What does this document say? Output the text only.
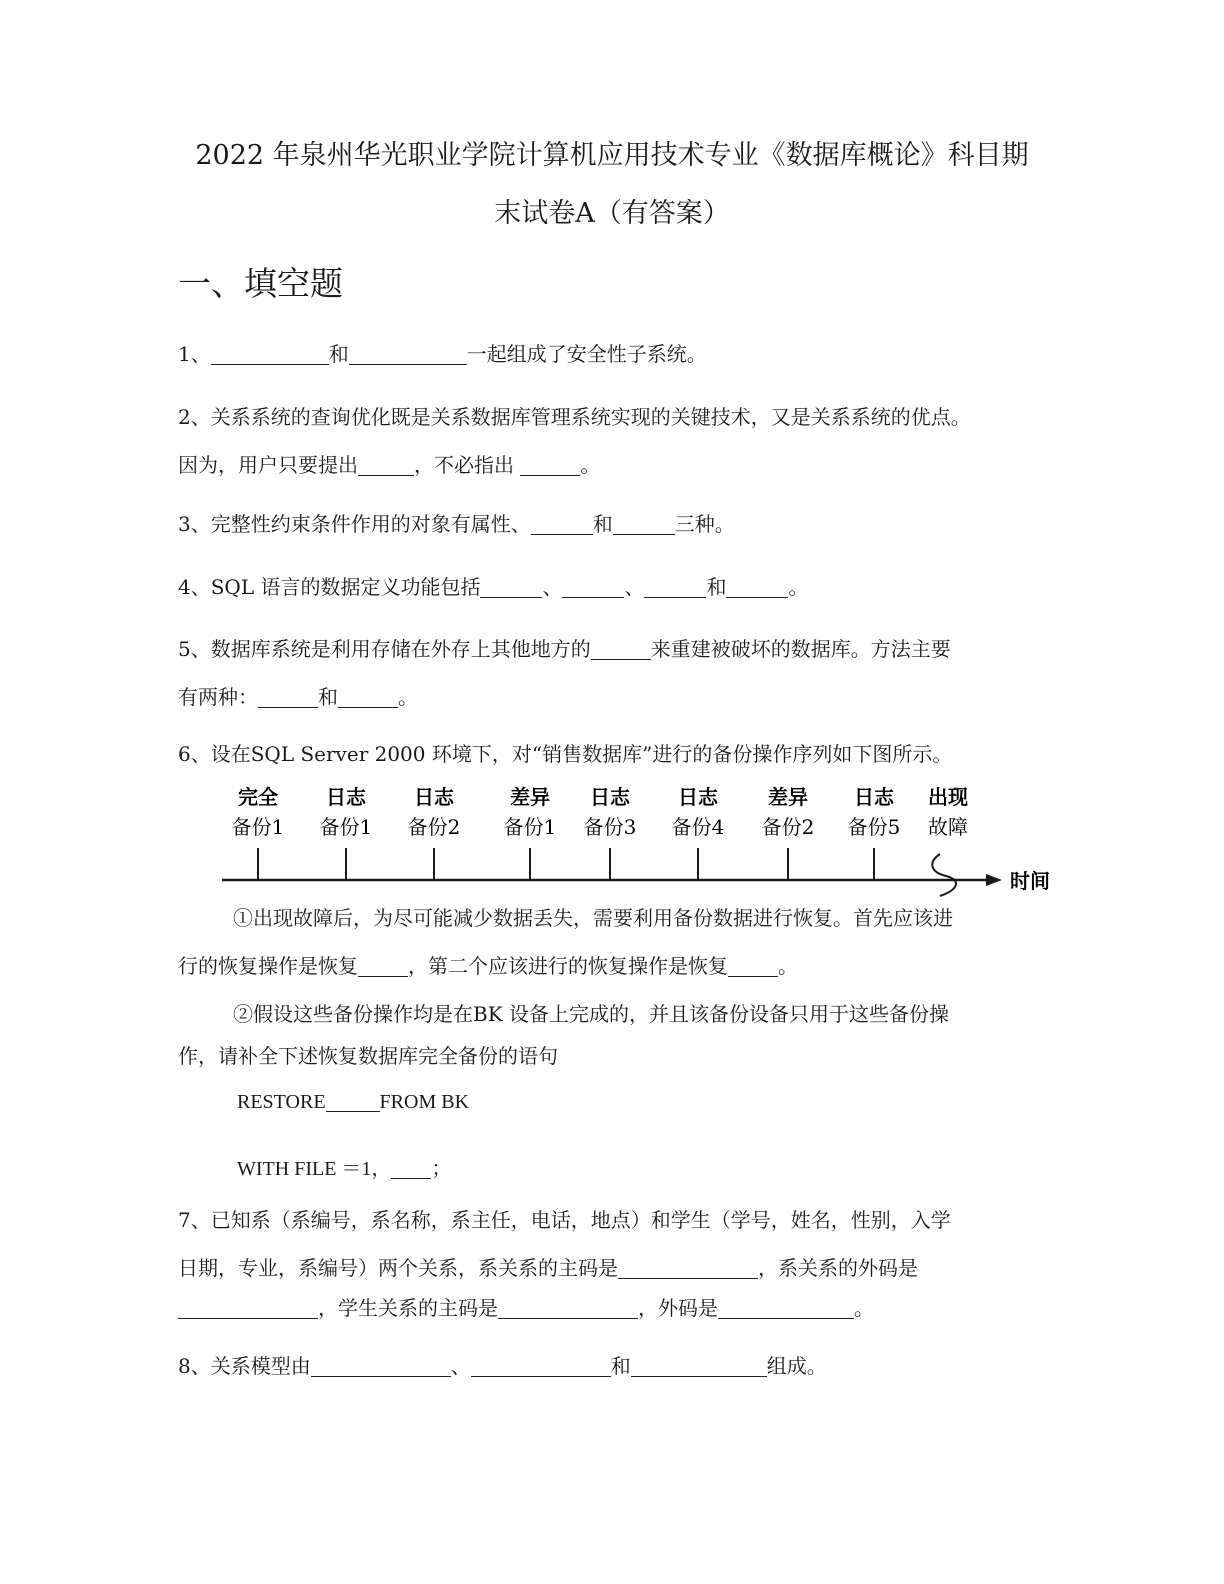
2022 年泉州华光职业学院计算机应用技术专业《数据库概论》科目期
末试卷A（有答案）
一、填空题
1、	和	一起组成了安全性子系统。
2、关系系统的查询优化既是关系数据库管理系统实现的关键技术，又是关系系统的优点。
因为，用户只要提出	，不必指出	。
3、完整性约束条件作用的对象有属性、	和	三种。
4、SQL 语言的数据定义功能包括	、	、	和	。
5、数据库系统是利用存储在外存上其他地方的	来重建被破坏的数据库。方法主要
有两种：	和	。
6、设在SQL Server 2000 环境下，对“销售数据库”进行的备份操作序列如下图所示。
时间
完全
备份1
日志
备份1
日志
备份2
差异
备份1
日志
备份3
日志
备份4
差异
备份2
日志
备份5
出现
故障
①出现故障后，为尽可能减少数据丢失，需要利用备份数据进行恢复。首先应该进
行的恢复操作是恢复	，第二个应该进行的恢复操作是恢复	。
②假设这些备份操作均是在BK 设备上完成的，并且该备份设备只用于这些备份操
作，请补全下述恢复数据库完全备份的语句
RESTORE	FROM BK
WITH FILE ＝1， ；
7、已知系（系编号，系名称，系主任，电话，地点）和学生（学号，姓名，性别，入学
日期，专业，系编号）两个关系，系关系的主码是	，系关系的外码是
，学生关系的主码是	，外码是	。
8、关系模型由	、	和	组成。
